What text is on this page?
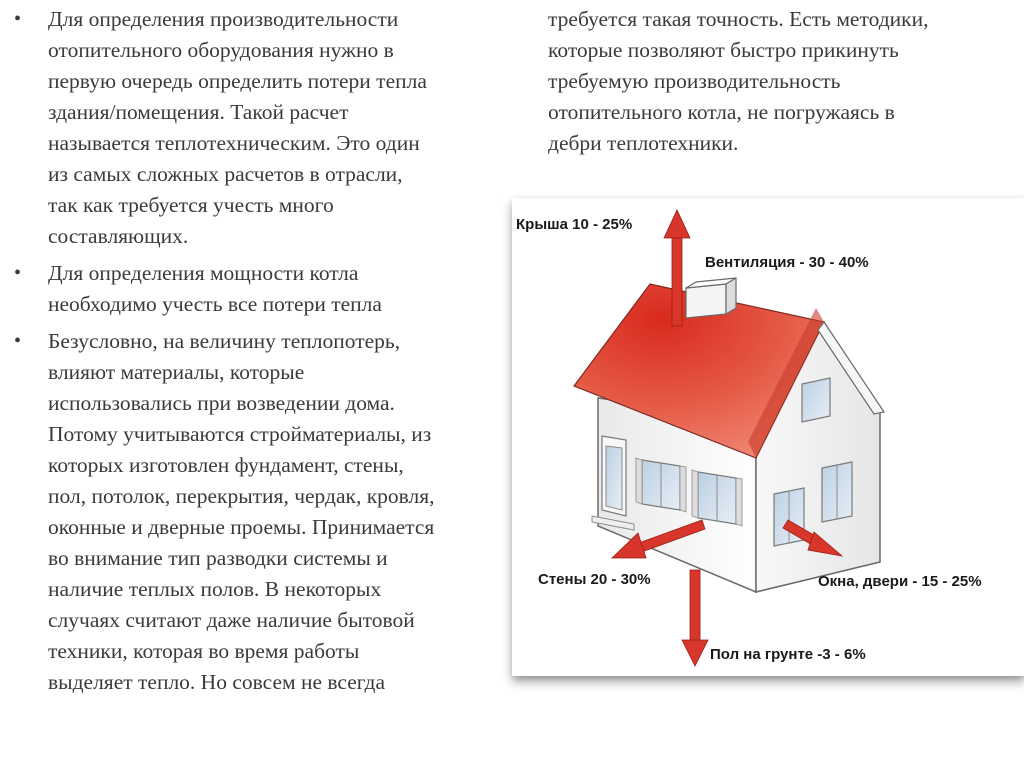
• Для определения производительности
отопительного оборудования нужно в
первую очередь определить потери тепла
здания/помещения. Такой расчет
называется теплотехническим. Это один
из самых сложных расчетов в отрасли,
так как требуется учесть много
составляющих.
• Для определения мощности котла
необходимо учесть все потери тепла
• Безусловно, на величину теплопотерь,
влияют материалы, которые
использовались при возведении дома.
Потому учитываются стройматериалы, из
которых изготовлен фундамент, стены,
пол, потолок, перекрытия, чердак, кровля,
оконные и дверные проемы. Принимается
во внимание тип разводки системы и
наличие теплых полов. В некоторых
случаях считают даже наличие бытовой
техники, которая во время работы
выделяет тепло. Но совсем не всегда
требуется такая точность. Есть методики,
которые позволяют быстро прикинуть
требуемую производительность
отопительного котла, не погружаясь в
дебри теплотехники.
Крыша 10 - 25%
Вентиляция - 30 - 40%
Стены 20 - 30%	Окна, двери - 15 - 25%
Пол на грунте -3 - 6%
